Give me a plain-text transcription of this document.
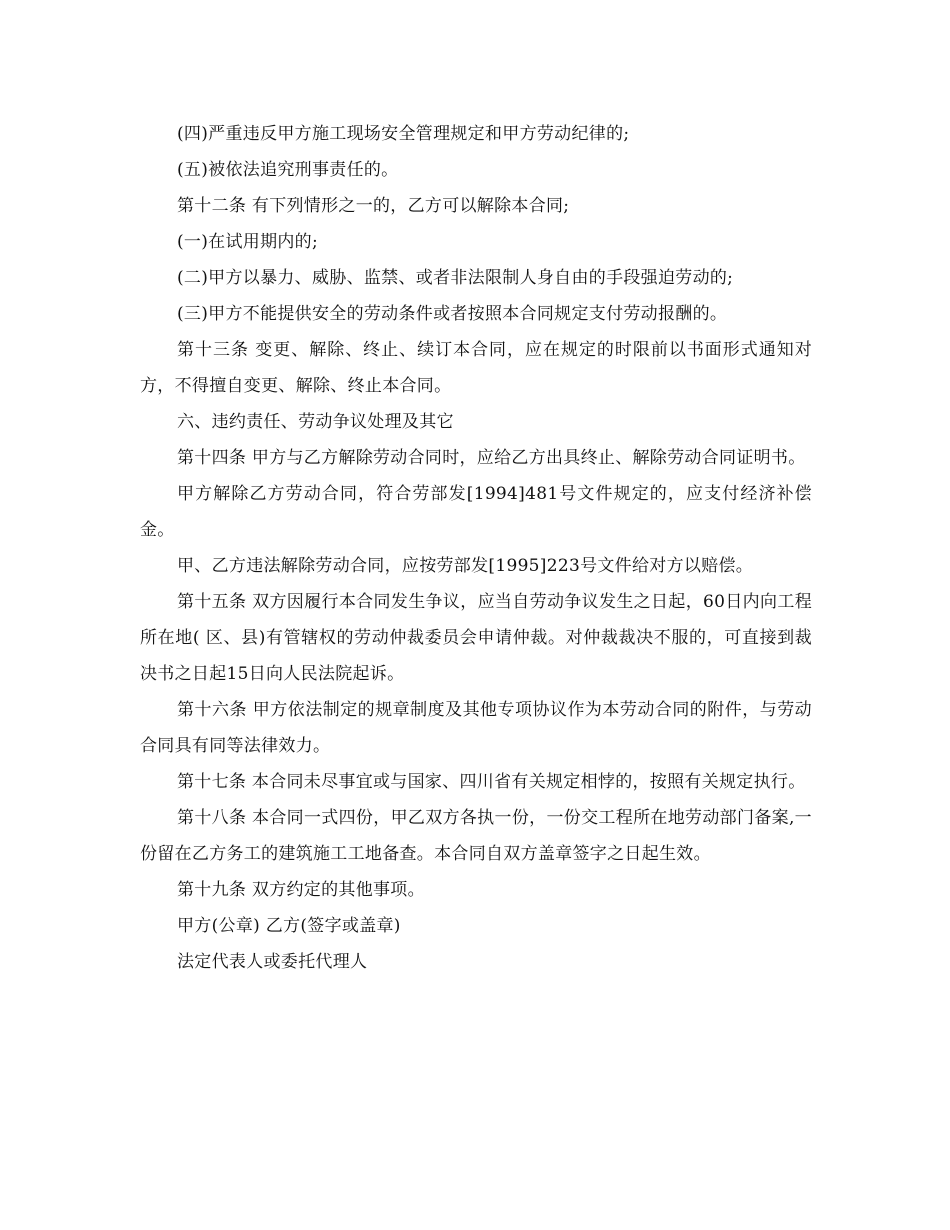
(四)严重违反甲方施工现场安全管理规定和甲方劳动纪律的;

(五)被依法追究刑事责任的。

第十二条 有下列情形之一的，乙方可以解除本合同;

(一)在试用期内的;

(二)甲方以暴力、威胁、监禁、或者非法限制人身自由的手段强迫劳动的;

(三)甲方不能提供安全的劳动条件或者按照本合同规定支付劳动报酬的。

第十三条 变更、解除、终止、续订本合同，应在规定的时限前以书面形式通知对方，不得擅自变更、解除、终止本合同。

六、违约责任、劳动争议处理及其它

第十四条 甲方与乙方解除劳动合同时，应给乙方出具终止、解除劳动合同证明书。

甲方解除乙方劳动合同，符合劳部发[1994]481号文件规定的，应支付经济补偿金。

甲、乙方违法解除劳动合同，应按劳部发[1995]223号文件给对方以赔偿。

第十五条 双方因履行本合同发生争议，应当自劳动争议发生之日起，60日内向工程所在地( 区、县)有管辖权的劳动仲裁委员会申请仲裁。对仲裁裁决不服的，可直接到裁决书之日起15日向人民法院起诉。

第十六条 甲方依法制定的规章制度及其他专项协议作为本劳动合同的附件，与劳动合同具有同等法律效力。

第十七条 本合同未尽事宜或与国家、四川省有关规定相悖的，按照有关规定执行。

第十八条 本合同一式四份，甲乙双方各执一份，一份交工程所在地劳动部门备案,一份留在乙方务工的建筑施工工地备查。本合同自双方盖章签字之日起生效。

第十九条 双方约定的其他事项。

甲方(公章) 乙方(签字或盖章)

法定代表人或委托代理人
